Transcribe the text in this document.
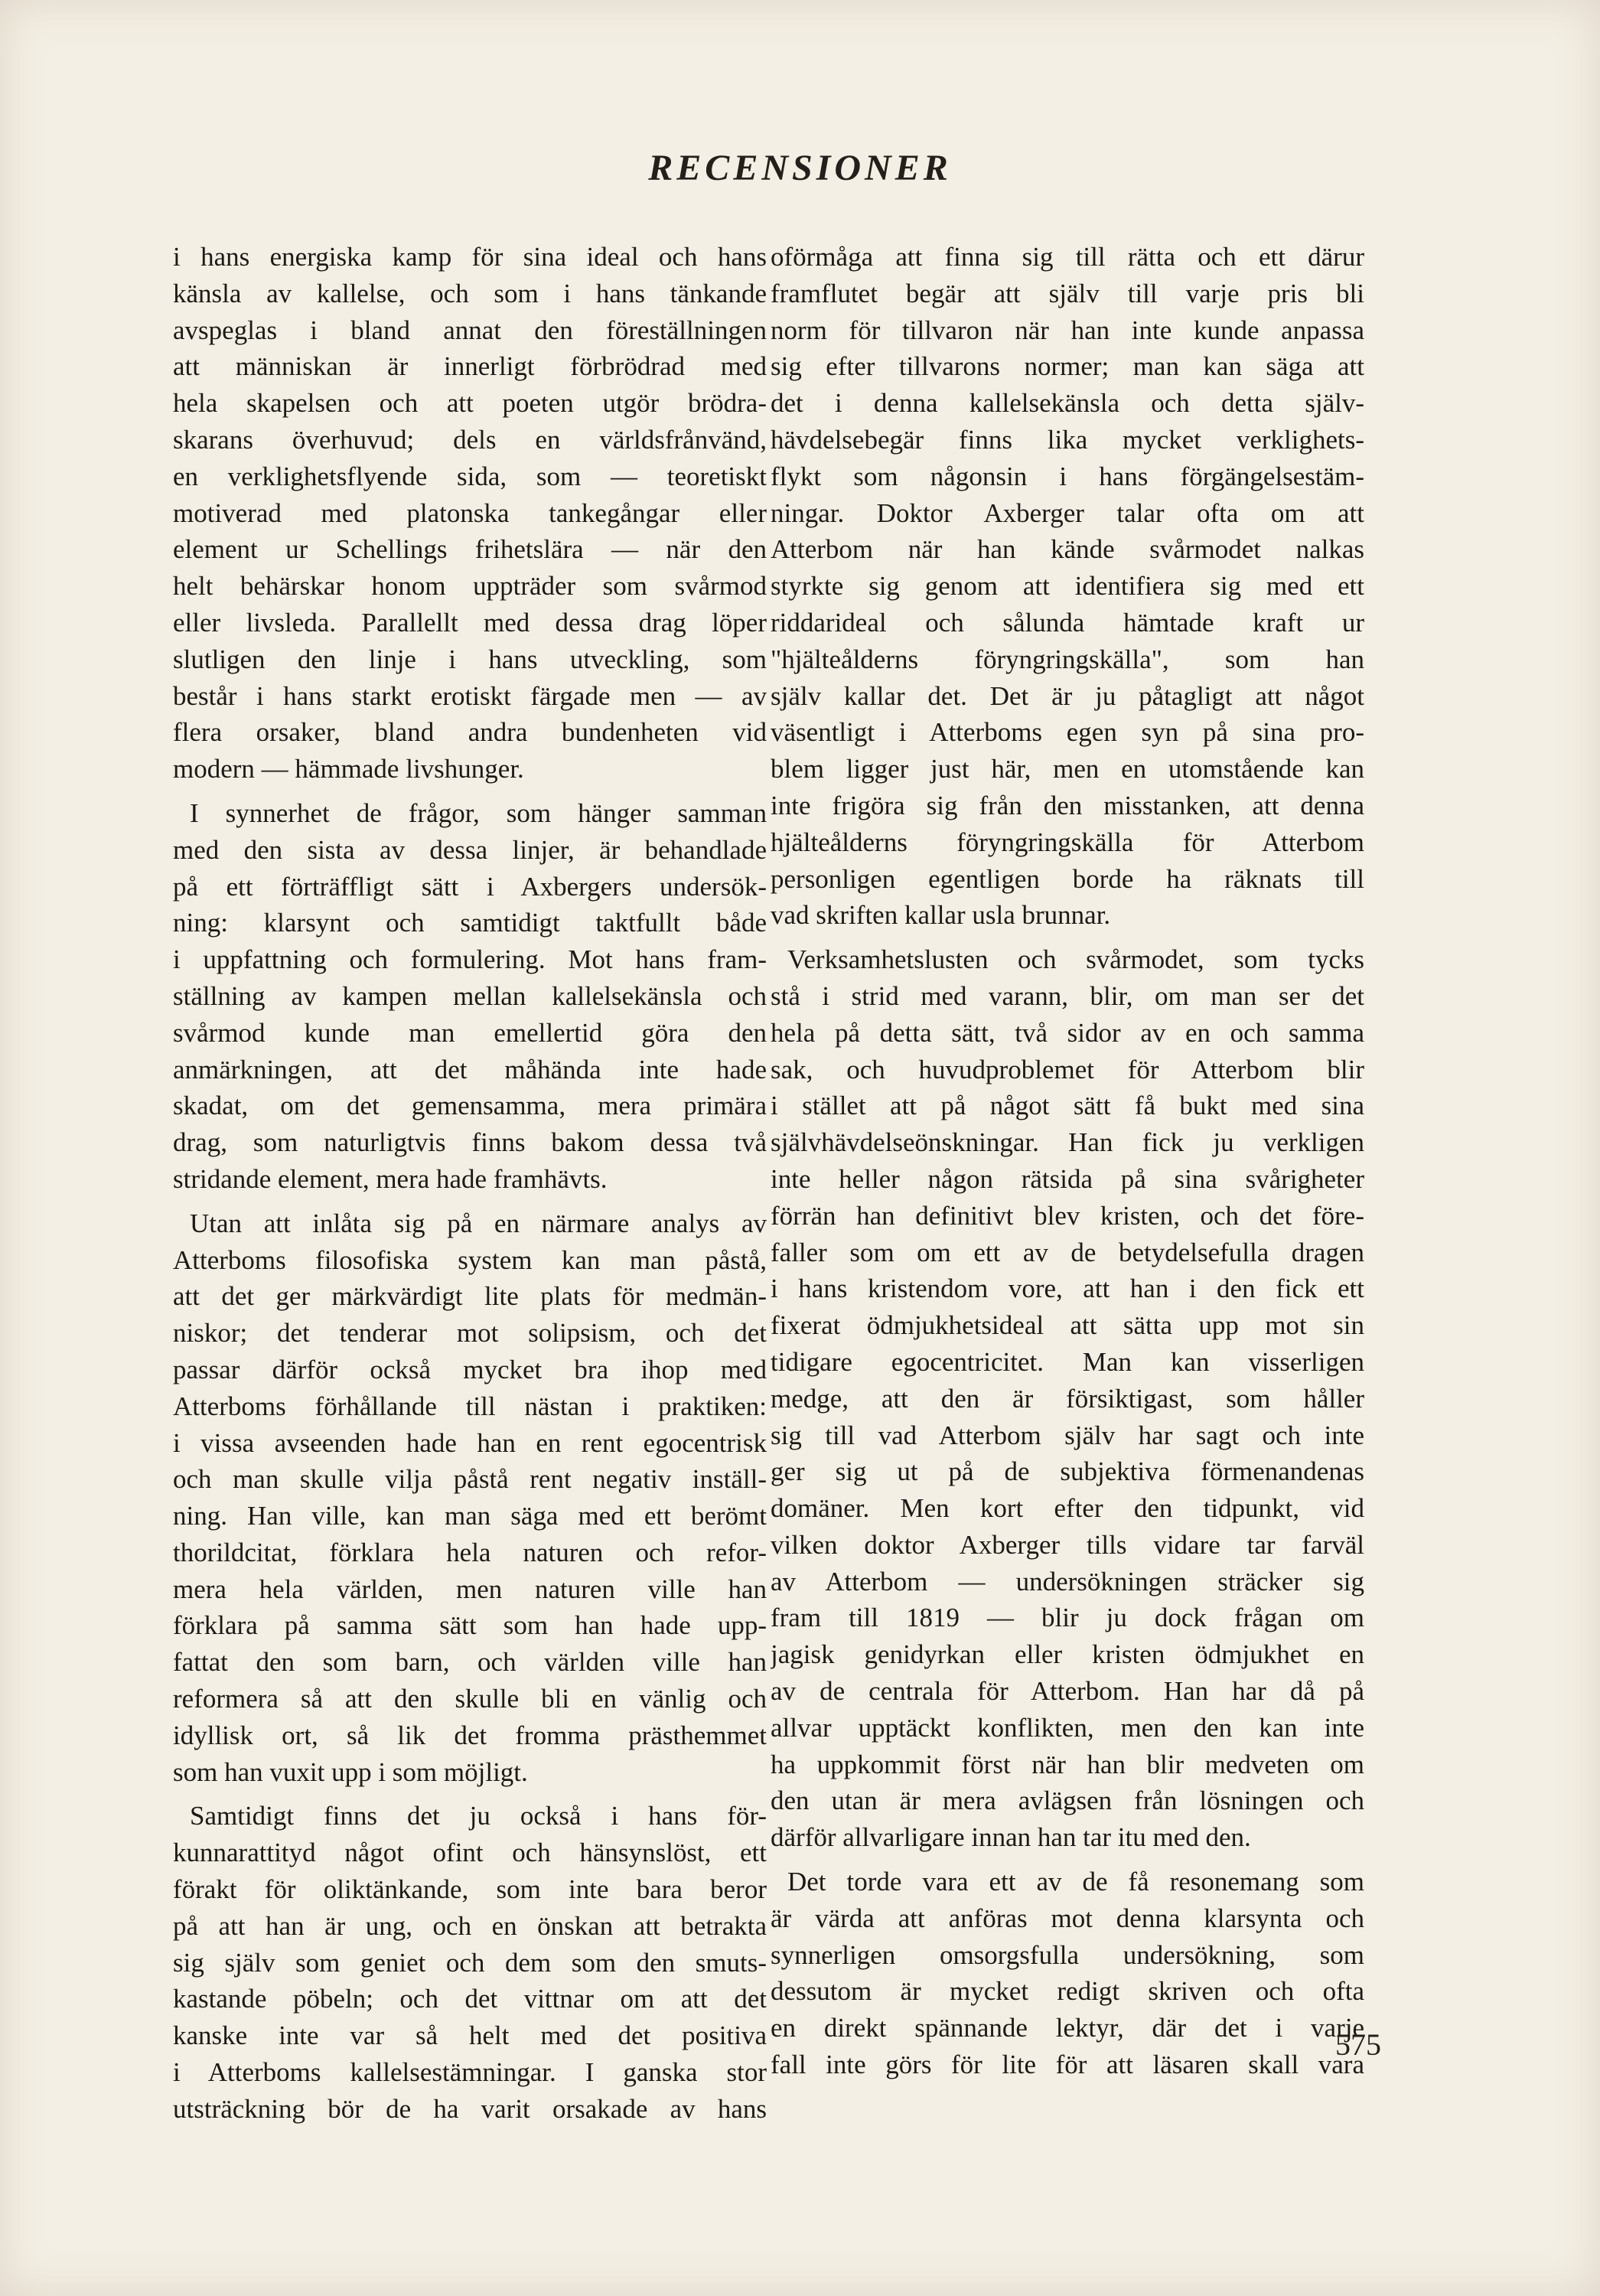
RECENSIONER
i hans energiska kamp för sina ideal och hans
känsla av kallelse, och som i hans tänkande
avspeglas i bland annat den föreställningen
att människan är innerligt förbrödrad med
hela skapelsen och att poeten utgör brödra-
skarans överhuvud; dels en världsfrånvänd,
en verklighetsflyende sida, som — teoretiskt
motiverad med platonska tankegångar eller
element ur Schellings frihetslära — när den
helt behärskar honom uppträder som svårmod
eller livsleda. Parallellt med dessa drag löper
slutligen den linje i hans utveckling, som
består i hans starkt erotiskt färgade men — av
flera orsaker, bland andra bundenheten vid
modern — hämmade livshunger.
I synnerhet de frågor, som hänger samman
med den sista av dessa linjer, är behandlade
på ett förträffligt sätt i Axbergers undersök-
ning: klarsynt och samtidigt taktfullt både
i uppfattning och formulering. Mot hans fram-
ställning av kampen mellan kallelsekänsla och
svårmod kunde man emellertid göra den
anmärkningen, att det måhända inte hade
skadat, om det gemensamma, mera primära
drag, som naturligtvis finns bakom dessa två
stridande element, mera hade framhävts.
Utan att inlåta sig på en närmare analys av
Atterboms filosofiska system kan man påstå,
att det ger märkvärdigt lite plats för medmän-
niskor; det tenderar mot solipsism, och det
passar därför också mycket bra ihop med
Atterboms förhållande till nästan i praktiken:
i vissa avseenden hade han en rent egocentrisk
och man skulle vilja påstå rent negativ inställ-
ning. Han ville, kan man säga med ett berömt
thorildcitat, förklara hela naturen och refor-
mera hela världen, men naturen ville han
förklara på samma sätt som han hade upp-
fattat den som barn, och världen ville han
reformera så att den skulle bli en vänlig och
idyllisk ort, så lik det fromma prästhemmet
som han vuxit upp i som möjligt.
Samtidigt finns det ju också i hans för-
kunnarattityd något ofint och hänsynslöst, ett
förakt för oliktänkande, som inte bara beror
på att han är ung, och en önskan att betrakta
sig själv som geniet och dem som den smuts-
kastande pöbeln; och det vittnar om att det
kanske inte var så helt med det positiva
i Atterboms kallelsestämningar. I ganska stor
utsträckning bör de ha varit orsakade av hans
oförmåga att finna sig till rätta och ett därur
framflutet begär att själv till varje pris bli
norm för tillvaron när han inte kunde anpassa
sig efter tillvarons normer; man kan säga att
det i denna kallelsekänsla och detta själv-
hävdelsebegär finns lika mycket verklighets-
flykt som någonsin i hans förgängelsestäm-
ningar. Doktor Axberger talar ofta om att
Atterbom när han kände svårmodet nalkas
styrkte sig genom att identifiera sig med ett
riddarideal och sålunda hämtade kraft ur
"hjälteålderns föryngringskälla", som han
själv kallar det. Det är ju påtagligt att något
väsentligt i Atterboms egen syn på sina pro-
blem ligger just här, men en utomstående kan
inte frigöra sig från den misstanken, att denna
hjälteålderns föryngringskälla för Atterbom
personligen egentligen borde ha räknats till
vad skriften kallar usla brunnar.
Verksamhetslusten och svårmodet, som tycks
stå i strid med varann, blir, om man ser det
hela på detta sätt, två sidor av en och samma
sak, och huvudproblemet för Atterbom blir
i stället att på något sätt få bukt med sina
självhävdelseönskningar. Han fick ju verkligen
inte heller någon rätsida på sina svårigheter
förrän han definitivt blev kristen, och det före-
faller som om ett av de betydelsefulla dragen
i hans kristendom vore, att han i den fick ett
fixerat ödmjukhetsideal att sätta upp mot sin
tidigare egocentricitet. Man kan visserligen
medge, att den är försiktigast, som håller
sig till vad Atterbom själv har sagt och inte
ger sig ut på de subjektiva förmenandenas
domäner. Men kort efter den tidpunkt, vid
vilken doktor Axberger tills vidare tar farväl
av Atterbom — undersökningen sträcker sig
fram till 1819 — blir ju dock frågan om
jagisk genidyrkan eller kristen ödmjukhet en
av de centrala för Atterbom. Han har då på
allvar upptäckt konflikten, men den kan inte
ha uppkommit först när han blir medveten om
den utan är mera avlägsen från lösningen och
därför allvarligare innan han tar itu med den.
Det torde vara ett av de få resonemang som
är värda att anföras mot denna klarsynta och
synnerligen omsorgsfulla undersökning, som
dessutom är mycket redigt skriven och ofta
en direkt spännande lektyr, där det i varje
fall inte görs för lite för att läsaren skall vara
575
